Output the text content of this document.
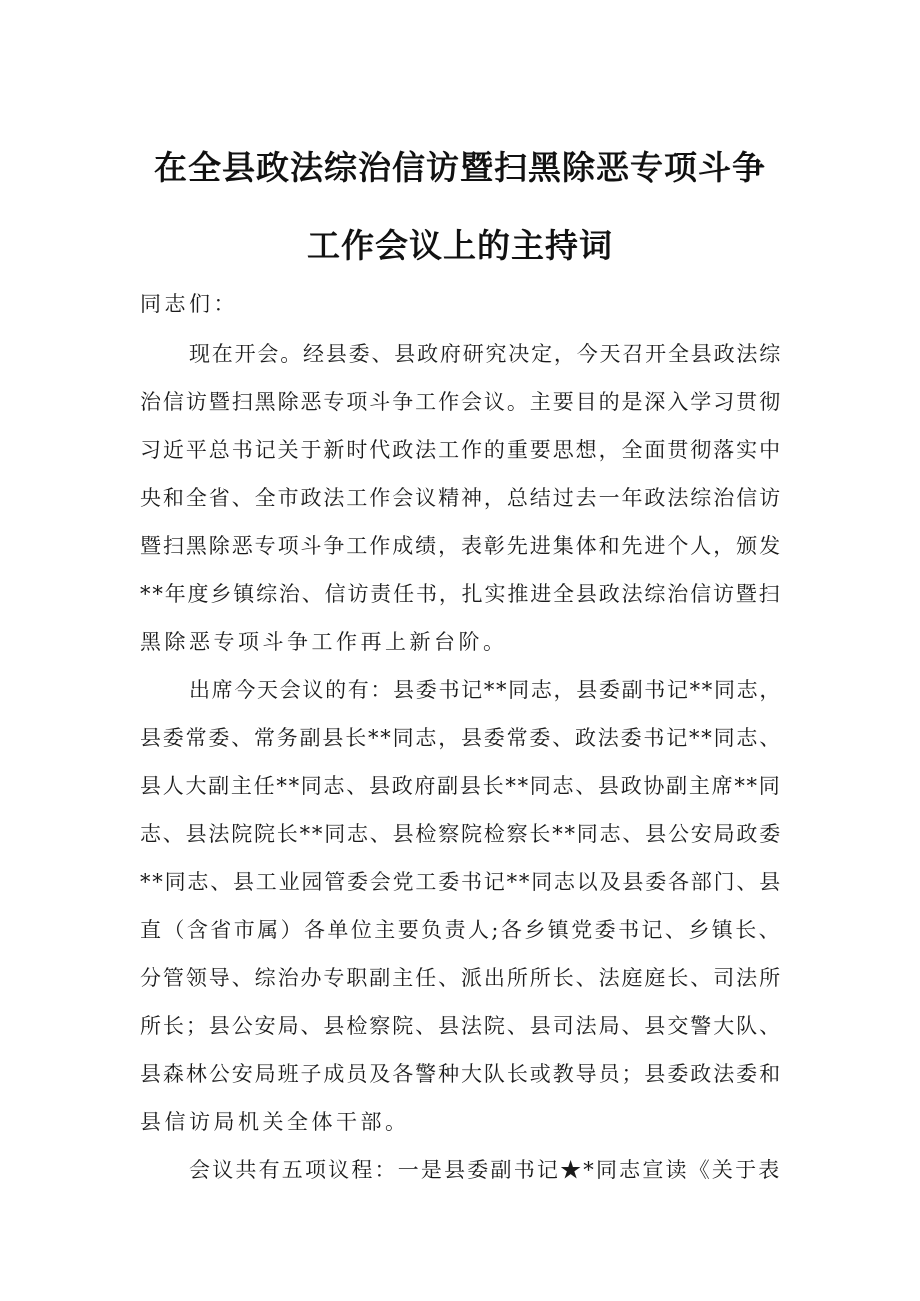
在全县政法综治信访暨扫黑除恶专项斗争
工作会议上的主持词
同志们：
现在开会。经县委、县政府研究决定，今天召开全县政法综
治信访暨扫黑除恶专项斗争工作会议。主要目的是深入学习贯彻
习近平总书记关于新时代政法工作的重要思想，全面贯彻落实中
央和全省、全市政法工作会议精神，总结过去一年政法综治信访
暨扫黑除恶专项斗争工作成绩，表彰先进集体和先进个人，颁发
**年度乡镇综治、信访责任书，扎实推进全县政法综治信访暨扫
黑除恶专项斗争工作再上新台阶。
出席今天会议的有：县委书记**同志，县委副书记**同志，
县委常委、常务副县长**同志，县委常委、政法委书记**同志、
县人大副主任**同志、县政府副县长**同志、县政协副主席**同
志、县法院院长**同志、县检察院检察长**同志、县公安局政委
**同志、县工业园管委会党工委书记**同志以及县委各部门、县
直（含省市属）各单位主要负责人;各乡镇党委书记、乡镇长、
分管领导、综治办专职副主任、派出所所长、法庭庭长、司法所
所长；县公安局、县检察院、县法院、县司法局、县交警大队、
县森林公安局班子成员及各警种大队长或教导员；县委政法委和
县信访局机关全体干部。
会议共有五项议程：一是县委副书记★*同志宣读《关于表
